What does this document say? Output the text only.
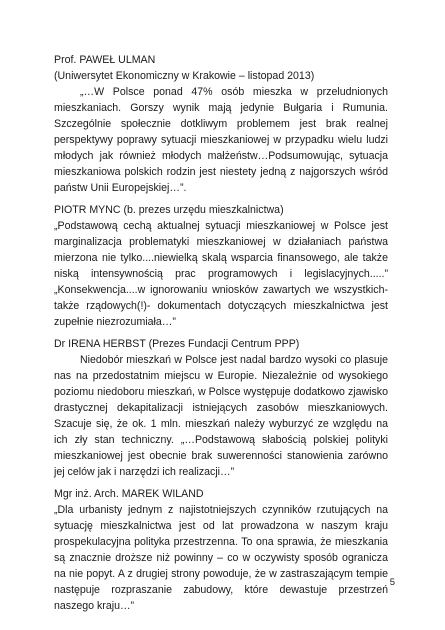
Prof. PAWEŁ ULMAN
(Uniwersytet Ekonomiczny w Krakowie – listopad 2013)
„…W Polsce ponad 47% osób mieszka w przeludnionych mieszkaniach. Gorszy wynik mają jedynie Bułgaria i Rumunia. Szczególnie społecznie dotkliwym problemem jest brak realnej perspektywy poprawy sytuacji mieszkaniowej w przypadku wielu ludzi młodych jak również młodych małżeństw…Podsumowując, sytuacja mieszkaniowa polskich rodzin jest niestety jedną z najgorszych wśród państw Unii Europejskiej…”.
PIOTR MYNC (b. prezes urzędu mieszkalnictwa)
„Podstawową cechą aktualnej sytuacji mieszkaniowej w Polsce jest marginalizacja problematyki mieszkaniowej w działaniach państwa mierzona nie tylko....niewielką skalą wsparcia finansowego, ale także niską intensywnością prac programowych i legislacyjnych.....” „Konsekwencja....w ignorowaniu wniosków zawartych we wszystkich- także rządowych(!)- dokumentach dotyczących mieszkalnictwa jest zupełnie niezrozumiała…”
Dr IRENA HERBST (Prezes Fundacji Centrum PPP)
Niedobór mieszkań w Polsce jest nadal bardzo wysoki co plasuje nas na przedostatnim miejscu w Europie. Niezależnie od wysokiego poziomu niedoboru mieszkań, w Polsce występuje dodatkowo zjawisko drastycznej dekapitalizacji istniejących zasobów mieszkaniowych. Szacuje się, że ok. 1 mln. mieszkań należy wyburzyć ze względu na ich zły stan techniczny. „…Podstawową słabością polskiej polityki mieszkaniowej jest obecnie brak suwerenności stanowienia zarówno jej celów jak i narzędzi ich realizacji…”
Mgr inż. Arch. MAREK WILAND
„Dla urbanisty jednym z najistotniejszych czynników rzutujących na sytuację mieszkalnictwa jest od lat prowadzona w naszym kraju prospekulacyjna polityka przestrzenna. To ona sprawia, że mieszkania są znacznie droższe niż powinny – co w oczywisty sposób ogranicza na nie popyt. A z drugiej strony powoduje, że w zastraszającym tempie następuje rozpraszanie zabudowy, które dewastuje przestrzeń naszego kraju…”
5
